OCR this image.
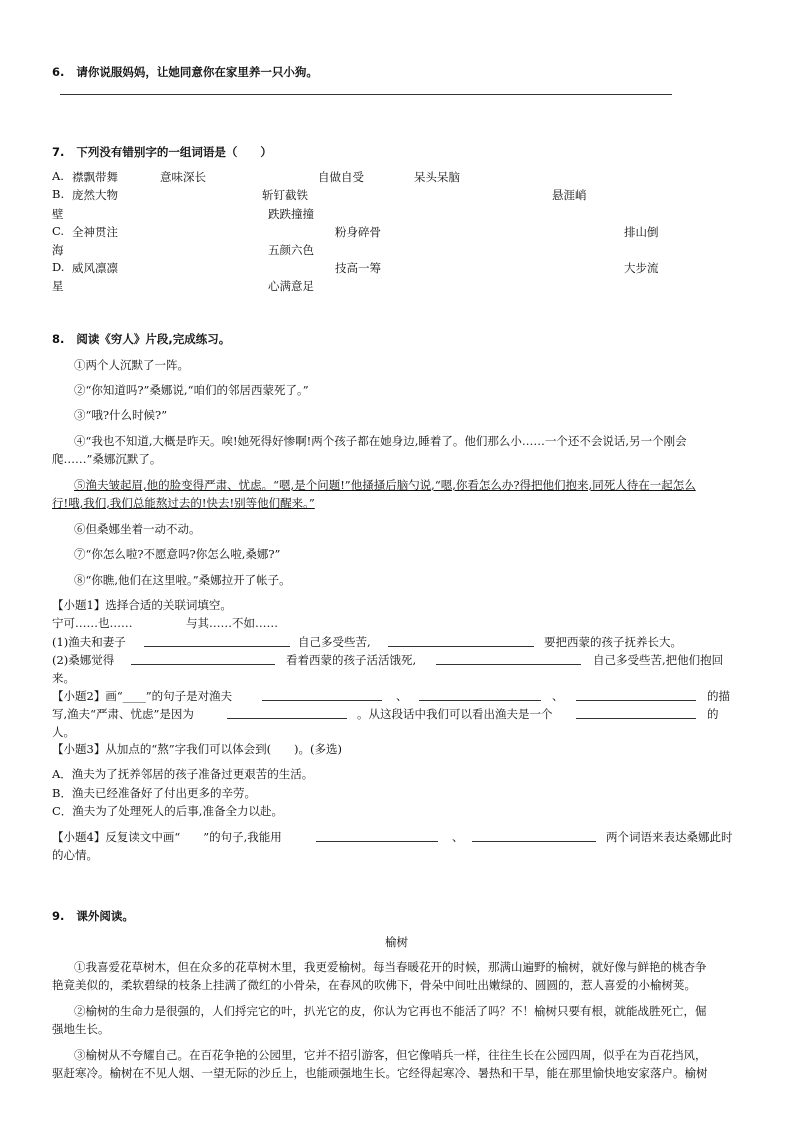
6. 请你说服妈妈，让她同意你在家里养一只小狗。
7. 下列没有错别字的一组词语是（　　）
A. 襟飘带舞	意味深长	自做自受	呆头呆脑
B. 庞然大物	斩钉截铁	悬涯峭
壁	跌跌撞撞
C. 全神贯注	粉身碎骨	排山倒
海	五颜六色
D. 威风凛凛	技高一筹	大步流
星	心满意足
8. 阅读《穷人》片段,完成练习。
①两个人沉默了一阵。
②“你知道吗?”桑娜说,“咱们的邻居西蒙死了。”
③“哦?什么时候?”
④“我也不知道,大概是昨天。唉!她死得好惨啊!两个孩子都在她身边,睡着了。他们那么小……一个还不会说话,另一个刚会
爬……”桑娜沉默了。
⑤渔夫皱起眉,他的脸变得严肃、忧虑。“嗯,是个问题!”他搔搔后脑勺说,“嗯,你看怎么办?得把他们抱来,同死人待在一起怎么
行!哦,我们,我们总能熬过去的!快去!别等他们醒来。”
⑥但桑娜坐着一动不动。
⑦“你怎么啦?不愿意吗?你怎么啦,桑娜?”
⑧“你瞧,他们在这里啦。”桑娜拉开了帐子。
【小题1】选择合适的关联词填空。
宁可……也……	与其……不如……
(1)渔夫和妻子	自己多受些苦,	要把西蒙的孩子抚养长大。
(2)桑娜觉得	看着西蒙的孩子活活饿死,	自己多受些苦,把他们抱回
来。
【小题2】画“____”的句子是对渔夫	、	、	的描
写,渔夫“严肃、忧虑”是因为	。从这段话中我们可以看出渔夫是一个	的
人。
【小题3】从加点的“熬”字我们可以体会到(　　)。(多选)
A．渔夫为了抚养邻居的孩子准备过更艰苦的生活。
B．渔夫已经准备好了付出更多的辛劳。
C．渔夫为了处理死人的后事,准备全力以赴。
【小题4】反复读文中画“　　”的句子,我能用	、	两个词语来表达桑娜此时
的心情。
9. 课外阅读。
榆树
①我喜爱花草树木，但在众多的花草树木里，我更爱榆树。每当春暖花开的时候，那满山遍野的榆树，就好像与鲜艳的桃杏争
艳竟美似的，柔软碧绿的枝条上挂满了微红的小骨朵，在春风的吹佛下，骨朵中间吐出嫩绿的、圆圆的，惹人喜爱的小榆树荚。
②榆树的生命力是很强的，人们捋完它的叶，扒光它的皮，你认为它再也不能活了吗？不！榆树只要有根，就能战胜死亡，倔
强地生长。
③榆树从不夸耀自己。在百花争艳的公园里，它并不招引游客，但它像哨兵一样，往往生长在公园四周，似乎在为百花挡风，
驱赶寒冷。榆树在不见人烟、一望无际的沙丘上，也能顽强地生长。它经得起寒冷、暑热和干旱，能在那里愉快地安家落户。榆树
